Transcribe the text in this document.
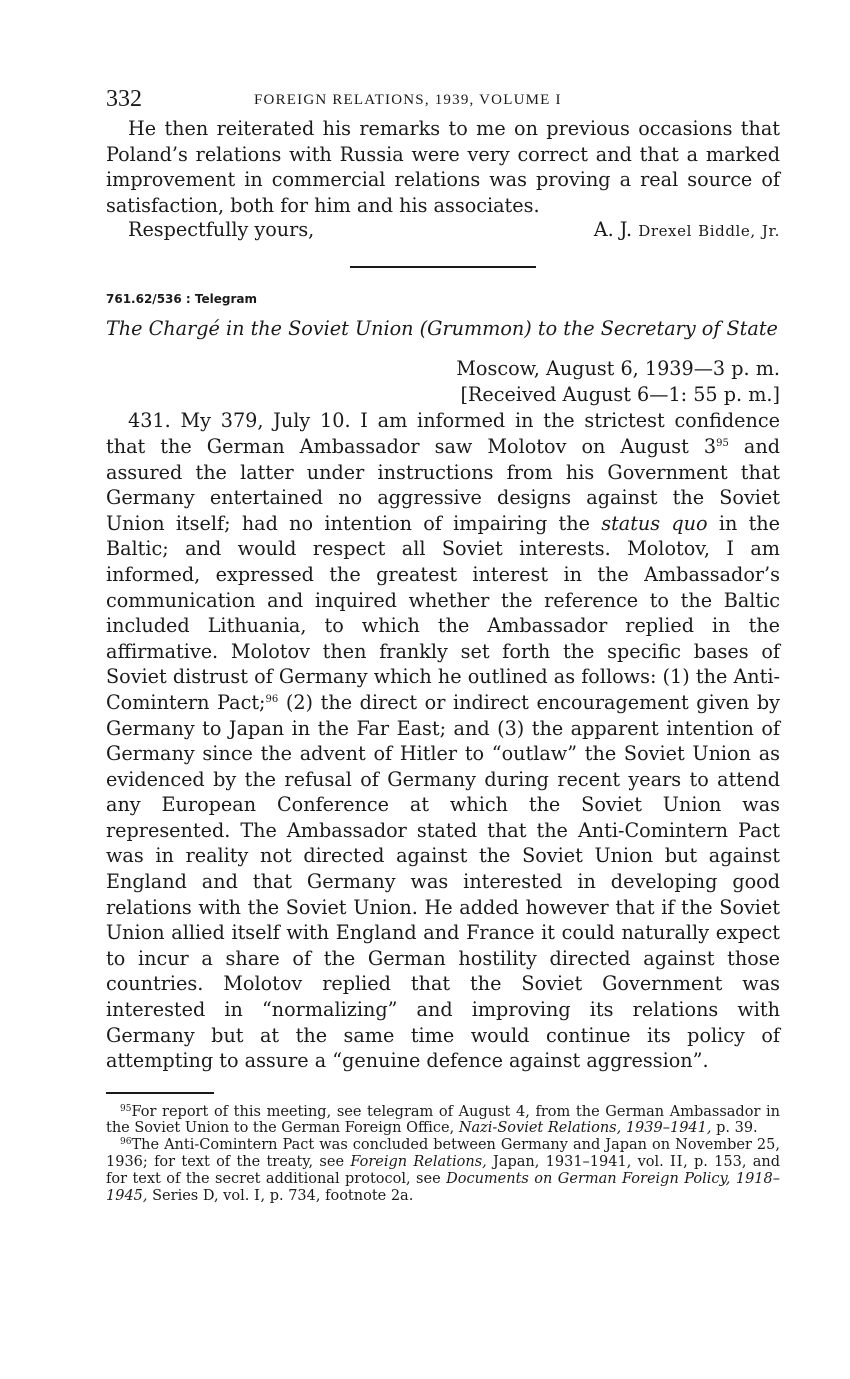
332	FOREIGN RELATIONS, 1939, VOLUME I

He then reiterated his remarks to me on previous occasions that Poland’s relations with Russia were very correct and that a marked improvement in commercial relations was proving a real source of satisfaction, both for him and his associates.

Respectfully yours,	A. J. Drexel Biddle, Jr.
761.62/536 : Telegram
The Chargé in the Soviet Union (Grummon) to the Secretary of State
Moscow, August 6, 1939—3 p. m.
[Received August 6—1: 55 p. m.]

431. My 379, July 10. I am informed in the strictest confidence that the German Ambassador saw Molotov on August $3^{95}$ and assured the latter under instructions from his Government that Germany entertained no aggressive designs against the Soviet Union itself; had no intention of impairing the status quo in the Baltic; and would respect all Soviet interests. Molotov, I am informed, expressed the greatest interest in the Ambassador’s communication and inquired whether the reference to the Baltic included Lithuania, to which the Ambassador replied in the affirmative. Molotov then frankly set forth the specific bases of Soviet distrust of Germany which he outlined as follows: (1) the Anti-Comintern Pact;$^{96}$ (2) the direct or indirect encouragement given by Germany to Japan in the Far East; and (3) the apparent intention of Germany since the advent of Hitler to “outlaw” the Soviet Union as evidenced by the refusal of Germany during recent years to attend any European Conference at which the Soviet Union was represented. The Ambassador stated that the Anti-Comintern Pact was in reality not directed against the Soviet Union but against England and that Germany was interested in developing good relations with the Soviet Union. He added however that if the Soviet Union allied itself with England and France it could naturally expect to incur a share of the German hostility directed against those countries. Molotov replied that the Soviet Government was interested in “normalizing” and improving its relations with Germany but at the same time would continue its policy of attempting to assure a “genuine defence against aggression”.

$^{95}$For report of this meeting, see telegram of August 4, from the German Ambassador in the Soviet Union to the German Foreign Office, Nazi-Soviet Relations, 1939–1941, p. 39.

$^{96}$The Anti-Comintern Pact was concluded between Germany and Japan on November 25, 1936; for text of the treaty, see Foreign Relations, Japan, 1931–1941, vol. II, p. 153, and for text of the secret additional protocol, see Documents on German Foreign Policy, 1918–1945, Series D, vol. I, p. 734, footnote 2a.
